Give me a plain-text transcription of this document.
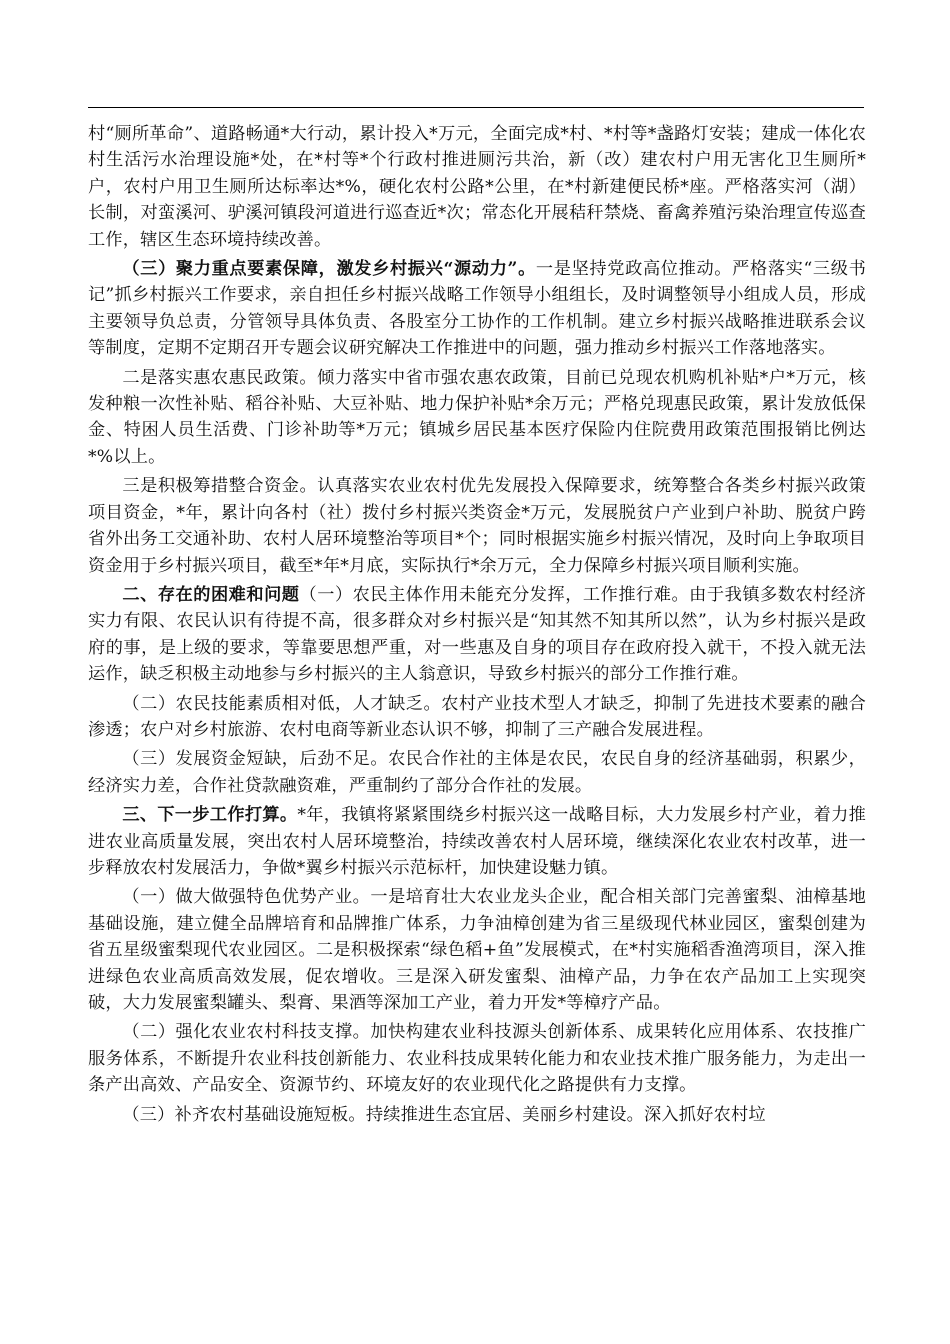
村“厕所革命”、道路畅通*大行动，累计投入*万元，全面完成*村、*村等*盏路灯安装；建成一体化农村生活污水治理设施*处，在*村等*个行政村推进厕污共治，新（改）建农村户用无害化卫生厕所*户，农村户用卫生厕所达标率达*%，硬化农村公路*公里，在*村新建便民桥*座。严格落实河（湖）长制，对蛮溪河、驴溪河镇段河道进行巡查近*次；常态化开展秸秆禁烧、畜禽养殖污染治理宣传巡查工作，辖区生态环境持续改善。

（三）聚力重点要素保障，激发乡村振兴“源动力”。一是坚持党政高位推动。严格落实“三级书记”抓乡村振兴工作要求，亲自担任乡村振兴战略工作领导小组组长，及时调整领导小组成人员，形成主要领导负总责，分管领导具体负责、各股室分工协作的工作机制。建立乡村振兴战略推进联系会议等制度，定期不定期召开专题会议研究解决工作推进中的问题，强力推动乡村振兴工作落地落实。

二是落实惠农惠民政策。倾力落实中省市强农惠农政策，目前已兑现农机购机补贴*户*万元，核发种粮一次性补贴、稻谷补贴、大豆补贴、地力保护补贴*余万元；严格兑现惠民政策，累计发放低保金、特困人员生活费、门诊补助等*万元；镇城乡居民基本医疗保险内住院费用政策范围报销比例达*%以上。

三是积极筹措整合资金。认真落实农业农村优先发展投入保障要求，统筹整合各类乡村振兴政策项目资金，*年，累计向各村（社）拨付乡村振兴类资金*万元，发展脱贫户产业到户补助、脱贫户跨省外出务工交通补助、农村人居环境整治等项目*个；同时根据实施乡村振兴情况，及时向上争取项目资金用于乡村振兴项目，截至*年*月底，实际执行*余万元，全力保障乡村振兴项目顺利实施。

二、存在的困难和问题（一）农民主体作用未能充分发挥，工作推行难。由于我镇多数农村经济实力有限、农民认识有待提不高，很多群众对乡村振兴是“知其然不知其所以然”，认为乡村振兴是政府的事，是上级的要求，等靠要思想严重，对一些惠及自身的项目存在政府投入就干，不投入就无法运作，缺乏积极主动地参与乡村振兴的主人翁意识，导致乡村振兴的部分工作推行难。

（二）农民技能素质相对低，人才缺乏。农村产业技术型人才缺乏，抑制了先进技术要素的融合渗透；农户对乡村旅游、农村电商等新业态认识不够，抑制了三产融合发展进程。

（三）发展资金短缺，后劲不足。农民合作社的主体是农民，农民自身的经济基础弱，积累少，经济实力差，合作社贷款融资难，严重制约了部分合作社的发展。

三、下一步工作打算。*年，我镇将紧紧围绕乡村振兴这一战略目标，大力发展乡村产业，着力推进农业高质量发展，突出农村人居环境整治，持续改善农村人居环境，继续深化农业农村改革，进一步释放农村发展活力，争做*翼乡村振兴示范标杆，加快建设魅力镇。

（一）做大做强特色优势产业。一是培育壮大农业龙头企业，配合相关部门完善蜜梨、油樟基地基础设施，建立健全品牌培育和品牌推广体系，力争油樟创建为省三星级现代林业园区，蜜梨创建为省五星级蜜梨现代农业园区。二是积极探索“绿色稻+鱼”发展模式，在*村实施稻香渔湾项目，深入推进绿色农业高质高效发展，促农增收。三是深入研发蜜梨、油樟产品，力争在农产品加工上实现突破，大力发展蜜梨罐头、梨膏、果酒等深加工产业，着力开发*等樟疗产品。

（二）强化农业农村科技支撑。加快构建农业科技源头创新体系、成果转化应用体系、农技推广服务体系，不断提升农业科技创新能力、农业科技成果转化能力和农业技术推广服务能力，为走出一条产出高效、产品安全、资源节约、环境友好的农业现代化之路提供有力支撑。

（三）补齐农村基础设施短板。持续推进生态宜居、美丽乡村建设。深入抓好农村垃
